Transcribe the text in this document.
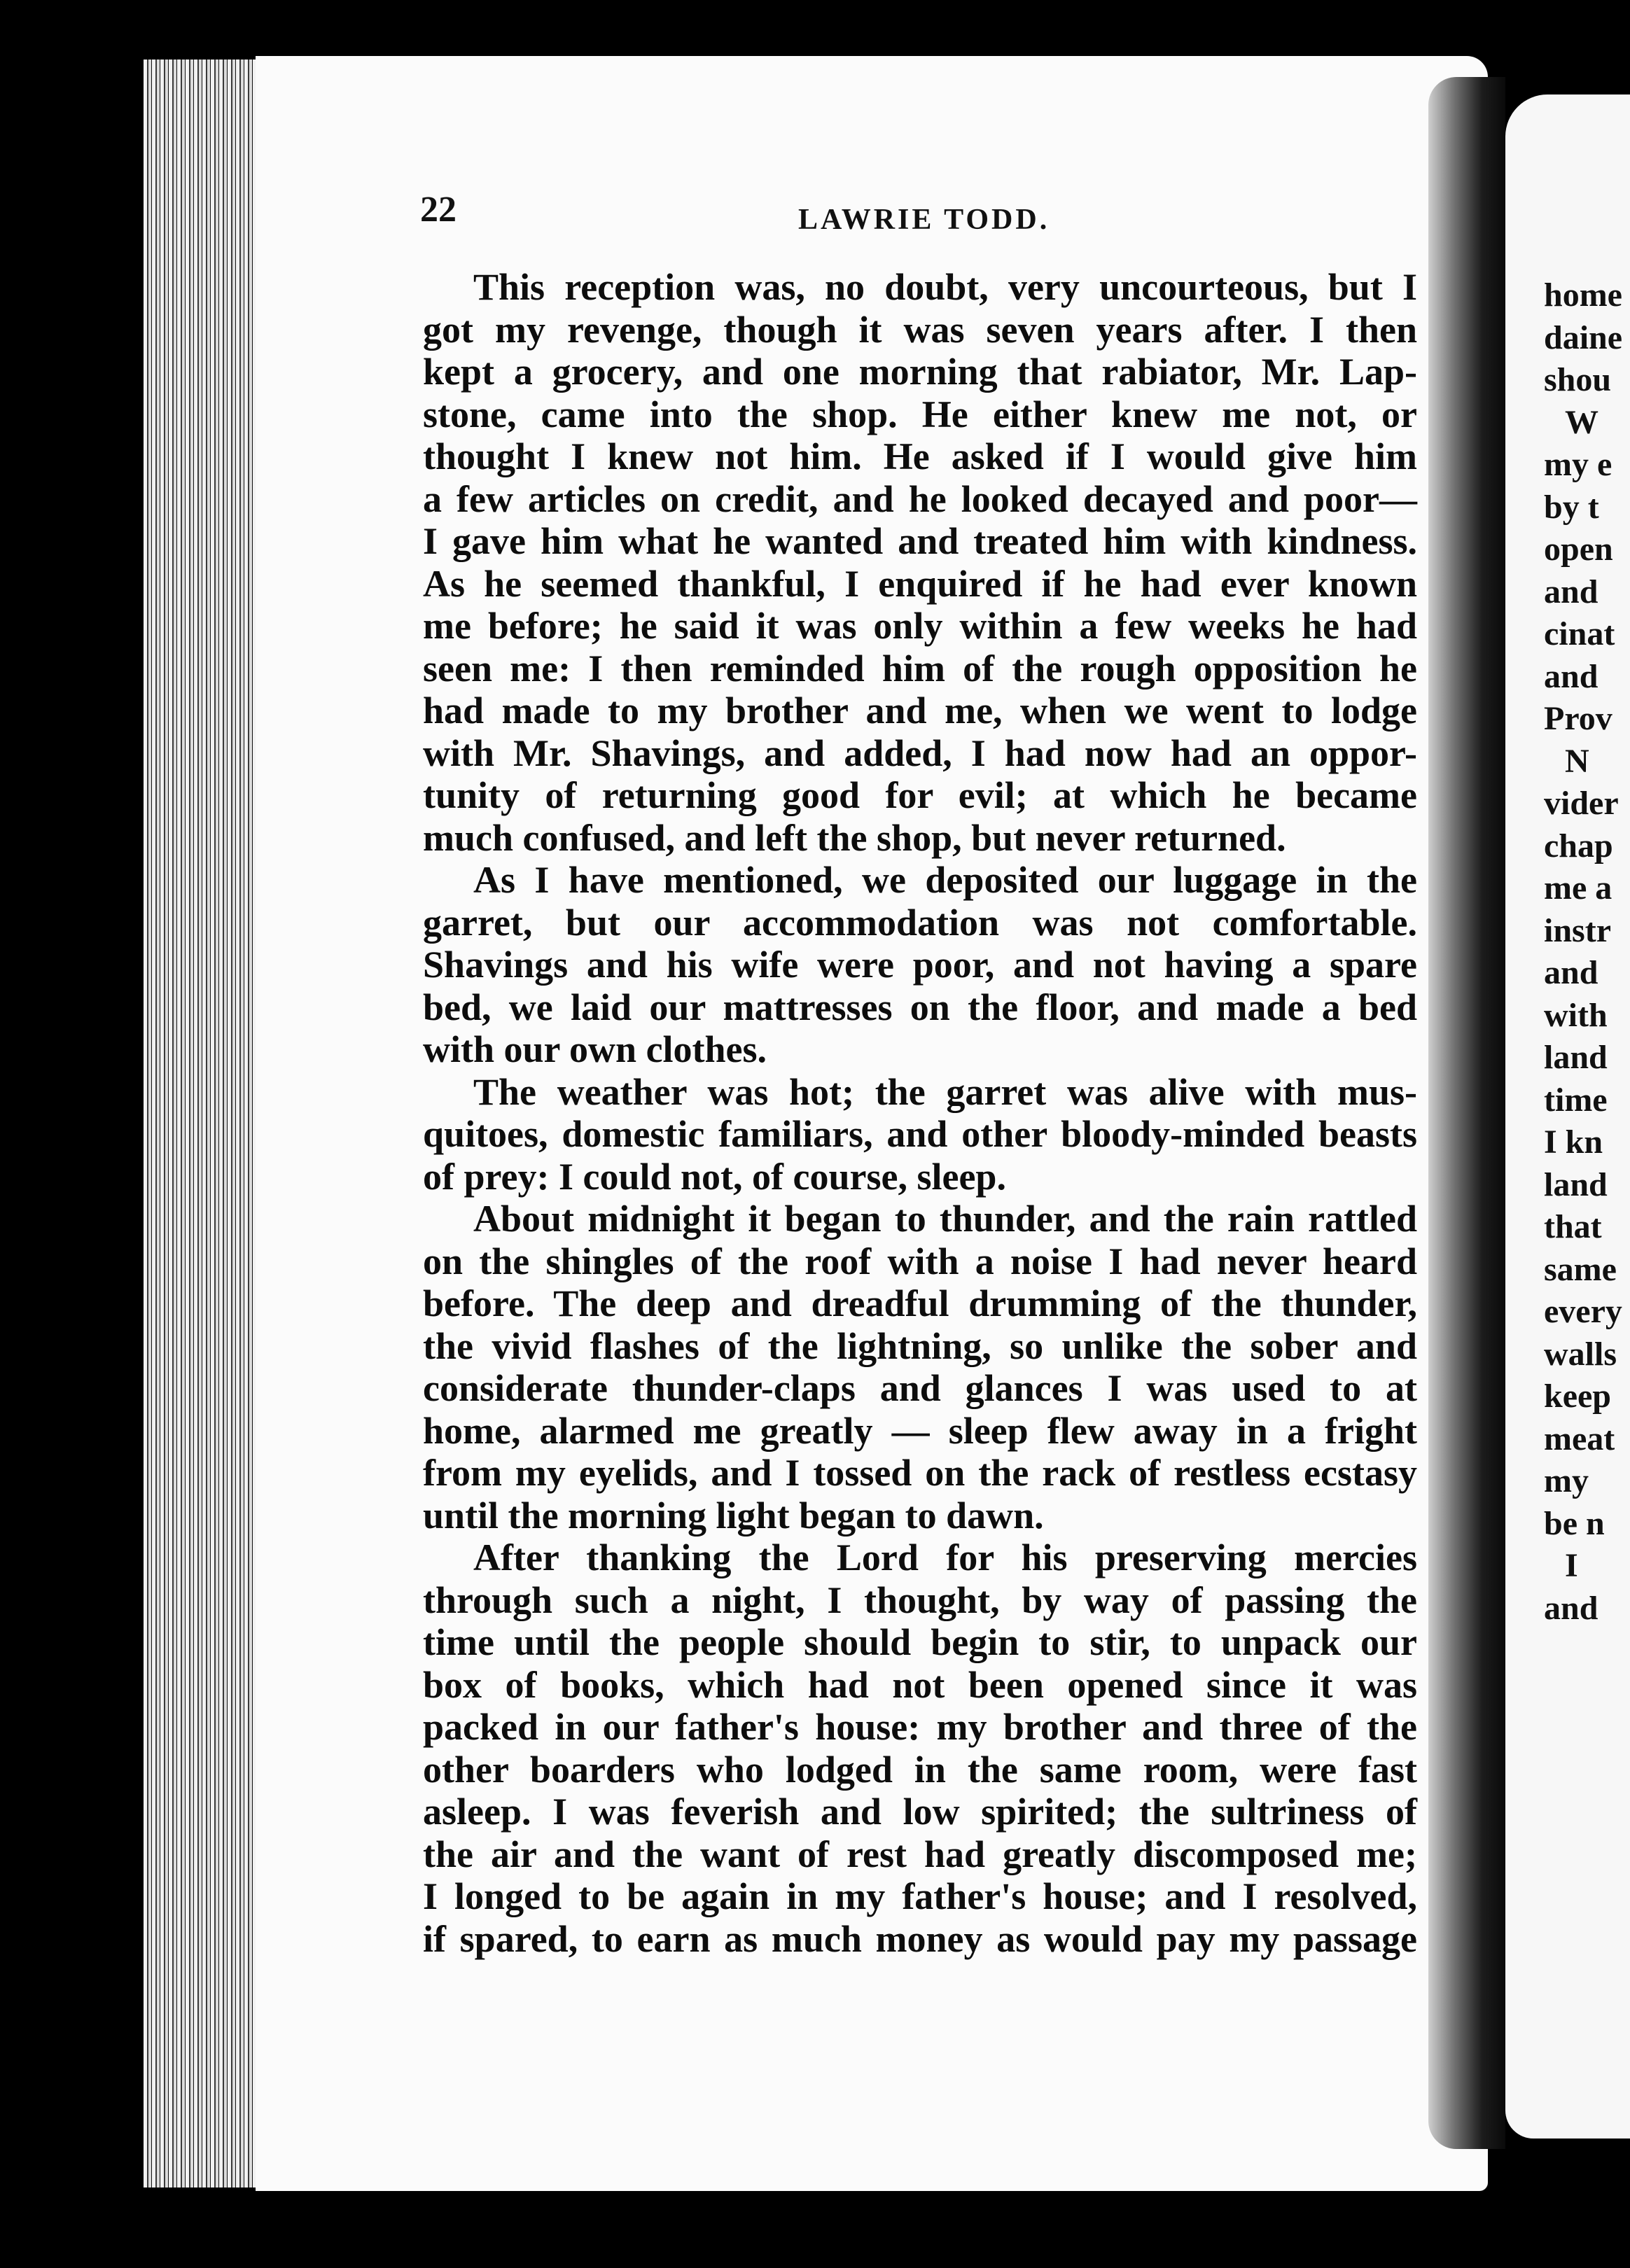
22	LAWRIE TODD.
This reception was, no doubt, very uncourteous, but I
got my revenge, though it was seven years after. I then
kept a grocery, and one morning that rabiator, Mr. Lap-
stone, came into the shop. He either knew me not, or
thought I knew not him. He asked if I would give him
a few articles on credit, and he looked decayed and poor—
I gave him what he wanted and treated him with kindness.
As he seemed thankful, I enquired if he had ever known
me before; he said it was only within a few weeks he had
seen me: I then reminded him of the rough opposition he
had made to my brother and me, when we went to lodge
with Mr. Shavings, and added, I had now had an oppor-
tunity of returning good for evil; at which he became
much confused, and left the shop, but never returned.
As I have mentioned, we deposited our luggage in the
garret, but our accommodation was not comfortable.
Shavings and his wife were poor, and not having a spare
bed, we laid our mattresses on the floor, and made a bed
with our own clothes.
The weather was hot; the garret was alive with mus-
quitoes, domestic familiars, and other bloody-minded beasts
of prey: I could not, of course, sleep.
About midnight it began to thunder, and the rain rattled
on the shingles of the roof with a noise I had never heard
before. The deep and dreadful drumming of the thunder,
the vivid flashes of the lightning, so unlike the sober and
considerate thunder-claps and glances I was used to at
home, alarmed me greatly — sleep flew away in a fright
from my eyelids, and I tossed on the rack of restless ecstasy
until the morning light began to dawn.
After thanking the Lord for his preserving mercies
through such a night, I thought, by way of passing the
time until the people should begin to stir, to unpack our
box of books, which had not been opened since it was
packed in our father's house: my brother and three of the
other boarders who lodged in the same room, were fast
asleep. I was feverish and low spirited; the sultriness of
the air and the want of rest had greatly discomposed me;
I longed to be again in my father's house; and I resolved,
if spared, to earn as much money as would pay my passage
home
daine
shou
W
my e
by t
open
and
cinat
and
Prov
N
vider
chap
me a
instr
and
with
land
time
I kn
land
that
same
every
walls
keep
meat
my
be n
I
and
